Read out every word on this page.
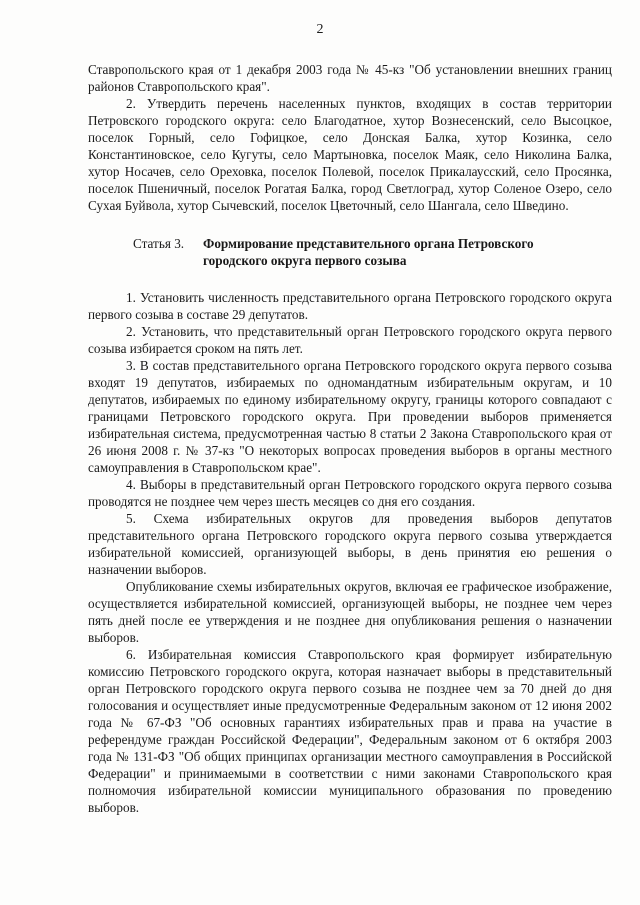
2

Ставропольского края от 1 декабря 2003 года № 45-кз "Об установлении внешних границ районов Ставропольского края".

2. Утвердить перечень населенных пунктов, входящих в состав территории Петровского городского округа: село Благодатное, хутор Вознесенский, село Высоцкое, поселок Горный, село Гофицкое, село Донская Балка, хутор Козинка, село Константиновское, село Кугуты, село Мартыновка, поселок Маяк, село Николина Балка, хутор Носачев, село Ореховка, поселок Полевой, поселок Прикалаусский, село Просянка, поселок Пшеничный, поселок Рогатая Балка, город Светлоград, хутор Соленое Озеро, село Сухая Буйвола, хутор Сычевский, поселок Цветочный, село Шангала, село Шведино.

Статья 3.	Формирование представительного органа Петровского
городского округа первого созыва

1. Установить численность представительного органа Петровского городского округа первого созыва в составе 29 депутатов.

2. Установить, что представительный орган Петровского городского округа первого созыва избирается сроком на пять лет.

3. В состав представительного органа Петровского городского округа первого созыва входят 19 депутатов, избираемых по одномандатным избирательным округам, и 10 депутатов, избираемых по единому избирательному округу, границы которого совпадают с границами Петровского городского округа. При проведении выборов применяется избирательная система, предусмотренная частью 8 статьи 2 Закона Ставропольского края от 26 июня 2008 г. № 37-кз "О некоторых вопросах проведения выборов в органы местного самоуправления в Ставропольском крае".

4. Выборы в представительный орган Петровского городского округа первого созыва проводятся не позднее чем через шесть месяцев со дня его создания.

5. Схема избирательных округов для проведения выборов депутатов представительного органа Петровского городского округа первого созыва утверждается избирательной комиссией, организующей выборы, в день принятия ею решения о назначении выборов.

Опубликование схемы избирательных округов, включая ее графическое изображение, осуществляется избирательной комиссией, организующей выборы, не позднее чем через пять дней после ее утверждения и не позднее дня опубликования решения о назначении выборов.

6. Избирательная комиссия Ставропольского края формирует избирательную комиссию Петровского городского округа, которая назначает выборы в представительный орган Петровского городского округа первого созыва не позднее чем за 70 дней до дня голосования и осуществляет иные предусмотренные Федеральным законом от 12 июня 2002 года № 67-ФЗ "Об основных гарантиях избирательных прав и права на участие в референдуме граждан Российской Федерации", Федеральным законом от 6 октября 2003 года № 131-ФЗ "Об общих принципах организации местного самоуправления в Российской Федерации" и принимаемыми в соответствии с ними законами Ставропольского края полномочия избирательной комиссии муниципального образования по проведению выборов.
